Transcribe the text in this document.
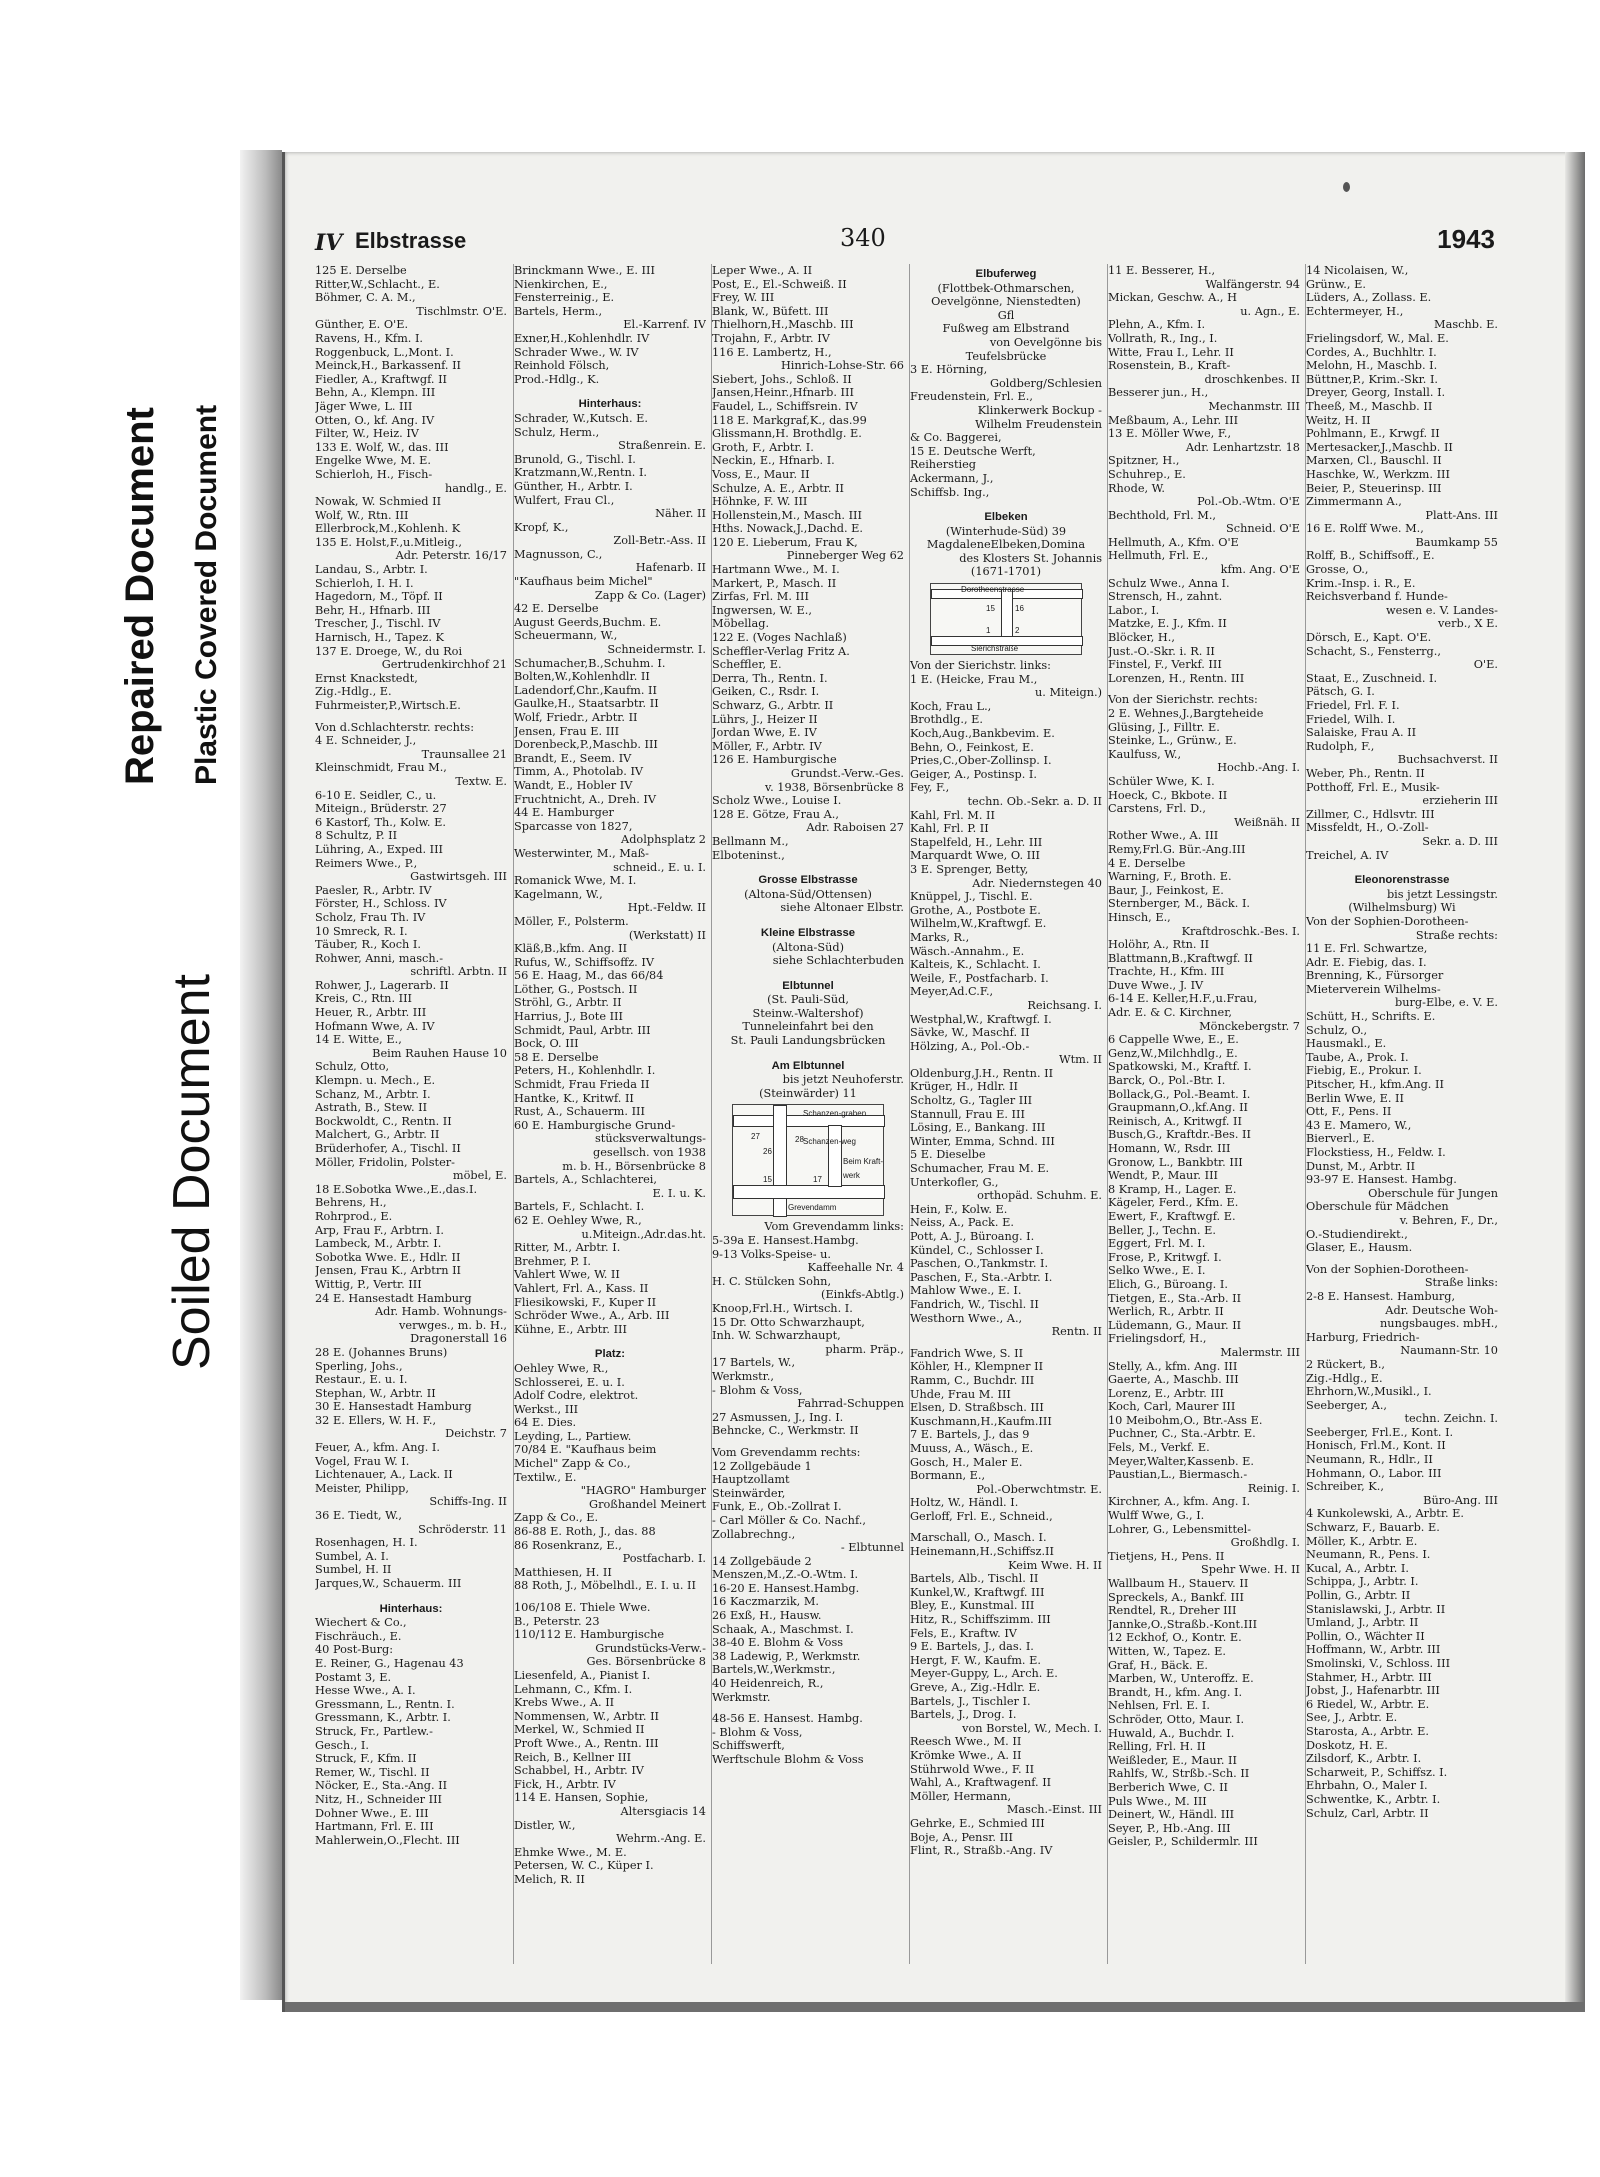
Repaired Document Plastic Covered Document
Soiled Document
IV Elbstrasse	340	1943
125 E. Derselbe
Ritter,W.,Schlacht., E.
Böhmer, C. A. M.,
Tischlmstr. O'E.
Günther, E. O'E.
Ravens, H., Kfm. I.
Roggenbuck, L.,Mont. I.
Meinck,H., Barkassenf. II
Fiedler, A., Kraftwgf. II
Behn, A., Klempn. III
Jäger Wwe, L. III
Otten, O., kf. Ang. IV
Filter, W., Heiz. IV
133 E. Wolf, W., das. III
Engelke Wwe, M. E.
Schierloh, H., Fisch-
handlg., E.
Nowak, W. Schmied II
Wolf, W., Rtn. III
Ellerbrock,M.,Kohlenh. K
135 E. Holst,F.,u.Mitleig.,
Adr. Peterstr. 16/17
Landau, S., Arbtr. I.
Schierloh, I. H. I.
Hagedorn, M., Töpf. II
Behr, H., Hfnarb. III
Trescher, J., Tischl. IV
Harnisch, H., Tapez. K
137 E. Droege, W., du Roi
Gertrudenkirchhof 21
Ernst Knackstedt,
Zig.-Hdlg., E.
Fuhrmeister,P.,Wirtsch.E.
Von d.Schlachterstr. rechts:
4 E. Schneider, J.,
Traunsallee 21
Kleinschmidt, Frau M.,
Textw. E.
6-10 E. Seidler, C., u.
Miteign., Brüderstr. 27
6 Kastorf, Th., Kolw. E.
8 Schultz, P. II
Lühring, A., Exped. III
Reimers Wwe., P.,
Gastwirtsgeh. III
Paesler, R., Arbtr. IV
Förster, H., Schloss. IV
Scholz, Frau Th. IV
10 Smreck, R. I.
Täuber, R., Koch I.
Rohwer, Anni, masch.-
schriftl. Arbtn. II
Rohwer, J., Lagerarb. II
Kreis, C., Rtn. III
Heuer, R., Arbtr. III
Hofmann Wwe, A. IV
14 E. Witte, E.,
Beim Rauhen Hause 10
Schulz, Otto,
Klempn. u. Mech., E.
Schanz, M., Arbtr. I.
Astrath, B., Stew. II
Bockwoldt, C., Rentn. II
Malchert, G., Arbtr. II
Brüderhofer, A., Tischl. II
Möller, Fridolin, Polster-
möbel, E.
18 E.Sobotka Wwe.,E.,das.I.
Behrens, H.,
Rohrprod., E.
Arp, Frau F., Arbtrn. I.
Lambeck, M., Arbtr. I.
Sobotka Wwe. E., Hdlr. II
Jensen, Frau K., Arbtrn II
Wittig, P., Vertr. III
24 E. Hansestadt Hamburg
Adr. Hamb. Wohnungs-
verwges., m. b. H.,
Dragonerstall 16
28 E. (Johannes Bruns)
Sperling, Johs.,
Restaur., E. u. I.
Stephan, W., Arbtr. II
30 E. Hansestadt Hamburg
32 E. Ellers, W. H. F.,
Deichstr. 7
Feuer, A., kfm. Ang. I.
Vogel, Frau W. I.
Lichtenauer, A., Lack. II
Meister, Philipp,
Schiffs-Ing. II
36 E. Tiedt, W.,
Schröderstr. 11
Rosenhagen, H. I.
Sumbel, A. I.
Sumbel, H. II
Jarques,W., Schauerm. III
Hinterhaus:
Wiechert & Co.,
Fischräuch., E.
40 Post-Burg:
E. Reiner, G., Hagenau 43
Postamt 3, E.
Hesse Wwe., A. I.
Gressmann, L., Rentn. I.
Gressmann, K., Arbtr. I.
Struck, Fr., Partlew.-
Gesch., I.
Struck, F., Kfm. II
Remer, W., Tischl. II
Nöcker, E., Sta.-Ang. II
Nitz, H., Schneider III
Dohner Wwe., E. III
Hartmann, Frl. E. III
Mahlerwein,O.,Flecht. III
Brinckmann Wwe., E. III
Nienkirchen, E.,
Fensterreinig., E.
Bartels, Herm.,
El.-Karrenf. IV
Exner,H.,Kohlenhdlr. IV
Schrader Wwe., W. IV
Reinhold Fölsch,
Prod.-Hdlg., K.
Hinterhaus:
Schrader, W.,Kutsch. E.
Schulz, Herm.,
Straßenrein. E.
Brunold, G., Tischl. I.
Kratzmann,W.,Rentn. I.
Günther, H., Arbtr. I.
Wulfert, Frau Cl.,
Näher. II
Kropf, K.,
Zoll-Betr.-Ass. II
Magnusson, C.,
Hafenarb. II
"Kaufhaus beim Michel"
Zapp & Co. (Lager)
42 E. Derselbe
August Geerds,Buchm. E.
Scheuermann, W.,
Schneidermstr. I.
Schumacher,B.,Schuhm. I.
Bolten,W.,Kohlenhdlr. II
Ladendorf,Chr.,Kaufm. II
Gaulke,H., Staatsarbtr. II
Wolf, Friedr., Arbtr. II
Jensen, Frau E. III
Dorenbeck,P.,Maschb. III
Brandt, E., Seem. IV
Timm, A., Photolab. IV
Wandt, E., Hobler IV
Fruchtnicht, A., Dreh. IV
44 E. Hamburger
Sparcasse von 1827,
Adolphsplatz 2
Westerwinter, M., Maß-
schneid., E. u. I.
Romanick Wwe, M. I.
Kagelmann, W.,
Hpt.-Feldw. II
Möller, F., Polsterm.
(Werkstatt) II
Kläß,B.,kfm. Ang. II
Rufus, W., Schiffsoffz. IV
56 E. Haag, M., das 66/84
Löther, G., Postsch. II
Ströhl, G., Arbtr. II
Harrius, J., Bote III
Schmidt, Paul, Arbtr. III
Bock, O. III
58 E. Derselbe
Peters, H., Kohlenhdlr. I.
Schmidt, Frau Frieda II
Hantke, K., Kritwf. II
Rust, A., Schauerm. III
60 E. Hamburgische Grund-
stücksverwaltungs-
gesellsch. von 1938
m. b. H., Börsenbrücke 8
Bartels, A., Schlachterei,
E. I. u. K.
Bartels, F., Schlacht. I.
62 E. Oehley Wwe, R.,
u.Miteign.,Adr.das.ht.
Ritter, M., Arbtr. I.
Brehmer, P. I.
Vahlert Wwe, W. II
Vahlert, Frl. A., Kass. II
Fliesikowski, F., Kuper II
Schröder Wwe., A., Arb. III
Kühne, E., Arbtr. III
Platz:
Oehley Wwe, R.,
Schlosserei, E. u. I.
Adolf Codre, elektrot.
Werkst., III
64 E. Dies.
Leyding, L., Partiew.
70/84 E. "Kaufhaus beim
Michel" Zapp & Co.,
Textilw., E.
"HAGRO" Hamburger
Großhandel Meinert
Zapp & Co., E.
86-88 E. Roth, J., das. 88
86 Rosenkranz, E.,
Postfacharb. I.
Matthiesen, H. II
88 Roth, J., Möbelhdl., E. I. u. II
106/108 E. Thiele Wwe.
B., Peterstr. 23
110/112 E. Hamburgische
Grundstücks-Verw.-
Ges. Börsenbrücke 8
Liesenfeld, A., Pianist I.
Lehmann, C., Kfm. I.
Krebs Wwe., A. II
Nommensen, W., Arbtr. II
Merkel, W., Schmied II
Proft Wwe., A., Rentn. III
Reich, B., Kellner III
Schabbel, H., Arbtr. IV
Fick, H., Arbtr. IV
114 E. Hansen, Sophie,
Altersgiacis 14
Distler, W.,
Wehrm.-Ang. E.
Ehmke Wwe., M. E.
Petersen, W. C., Küper I.
Melich, R. II
Leper Wwe., A. II
Post, E., El.-Schweiß. II
Frey, W. III
Blank, W., Büfett. III
Thielhorn,H.,Maschb. III
Trojahn, F., Arbtr. IV
116 E. Lambertz, H.,
Hinrich-Lohse-Str. 66
Siebert, Johs., Schloß. II
Jansen,Heinr.,Hfnarb. III
Faudel, L., Schiffsrein. IV
118 E. Markgraf,K., das.99
Glissmann,H. Brothdlg. E.
Groth, F., Arbtr. I.
Neckin, E., Hfnarb. I.
Voss, E., Maur. II
Schulze, A. E., Arbtr. II
Höhnke, F. W. III
Hollenstein,M., Masch. III
Hths. Nowack,J.,Dachd. E.
120 E. Lieberum, Frau K,
Pinneberger Weg 62
Hartmann Wwe., M. I.
Markert, P., Masch. II
Zirfas, Frl. M. III
Ingwersen, W. E.,
Möbellag.
122 E. (Voges Nachlaß)
Scheffler-Verlag Fritz A.
Scheffler, E.
Derra, Th., Rentn. I.
Geiken, C., Rsdr. I.
Schwarz, G., Arbtr. II
Lührs, J., Heizer II
Jordan Wwe, E. IV
Möller, F., Arbtr. IV
126 E. Hamburgische
Grundst.-Verw.-Ges.
v. 1938, Börsenbrücke 8
Scholz Wwe., Louise I.
128 E. Götze, Frau A.,
Adr. Raboisen 27
Bellmann M.,
Elboteninst.,
Grosse Elbstrasse
(Altona-Süd/Ottensen)
siehe Altonaer Elbstr.
Kleine Elbstrasse
(Altona-Süd)
siehe Schlachterbuden
Elbtunnel
(St. Pauli-Süd,
Steinw.-Waltershof)
Tunneleinfahrt bei den
St. Pauli Landungsbrücken
Am Elbtunnel
bis jetzt Neuhoferstr.
(Steinwärder) 11
Schanzen-graben
Schanzen-weg
Beim Kraft-werk
Grevendamm
27
26
28
17
15
Vom Grevendamm links:
5-39a E. Hansest.Hambg.
9-13 Volks-Speise- u.
Kaffeehalle Nr. 4
H. C. Stülcken Sohn,
(Einkfs-Abtlg.)
Knoop,Frl.H., Wirtsch. I.
15 Dr. Otto Schwarzhaupt,
Inh. W. Schwarzhaupt,
pharm. Präp.,
17 Bartels, W.,
Werkmstr.,
- Blohm & Voss,
Fahrrad-Schuppen
27 Asmussen, J., Ing. I.
Behncke, C., Werkmstr. II
Vom Grevendamm rechts:
12 Zollgebäude 1
Hauptzollamt
Steinwärder,
Funk, E., Ob.-Zollrat I.
- Carl Möller & Co. Nachf.,
Zollabrechng.,
- Elbtunnel
14 Zollgebäude 2
Menszen,M.,Z.-O.-Wtm. I.
16-20 E. Hansest.Hambg.
16 Kaczmarzik, M.
26 Exß, H., Hausw.
Schaak, A., Maschmst. I.
38-40 E. Blohm & Voss
38 Ladewig, P., Werkmstr.
Bartels,W.,Werkmstr.,
40 Heidenreich, R.,
Werkmstr.
48-56 E. Hansest. Hambg.
- Blohm & Voss,
Schiffswerft,
Werftschule Blohm & Voss
Elbuferweg
(Flottbek-Othmarschen,
Oevelgönne, Nienstedten)
Gfl
Fußweg am Elbstrand
von Oevelgönne bis
Teufelsbrücke
3 E. Hörning,
Goldberg/Schlesien
Freudenstein, Frl. E.,
Klinkerwerk Bockup -
Wilhelm Freudenstein
& Co. Baggerei,
15 E. Deutsche Werft,
Reiherstieg
Ackermann, J.,
Schiffsb. Ing.,
Elbeken
(Winterhude-Süd) 39
MagdaleneElbeken,Domina
des Klosters St. Johannis
(1671-1701)
Dorotheenstrasse
Sierichstraße
15	16
1	2
Von der Sierichstr. links:
1 E. (Heicke, Frau M.,
u. Miteign.)
Koch, Frau L.,
Brothdlg., E.
Koch,Aug.,Bankbevim. E.
Behn, O., Feinkost, E.
Pries,C.,Ober-Zollinsp. I.
Geiger, A., Postinsp. I.
Fey, F.,
techn. Ob.-Sekr. a. D. II
Kahl, Frl. M. II
Kahl, Frl. P. II
Stapelfeld, H., Lehr. III
Marquardt Wwe, O. III
3 E. Sprenger, Betty,
Adr. Niedernstegen 40
Knüppel, J., Tischl. E.
Grothe, A., Postbote E.
Wilhelm,W.,Kraftwgf. E.
Marks, R.,
Wäsch.-Annahm., E.
Kalteis, K., Schlacht. I.
Weile, F., Postfacharb. I.
Meyer,Ad.C.F.,
Reichsang. I.
Westphal,W., Kraftwgf. I.
Sävke, W., Maschf. II
Hölzing, A., Pol.-Ob.-
Wtm. II
Oldenburg,J.H., Rentn. II
Krüger, H., Hdlr. II
Scholtz, G., Tagler III
Stannull, Frau E. III
Lösing, E., Bankang. III
Winter, Emma, Schnd. III
5 E. Dieselbe
Schumacher, Frau M. E.
Unterkofler, G.,
orthopäd. Schuhm. E.
Hein, F., Kolw. E.
Neiss, A., Pack. E.
Pott, A. J., Büroang. I.
Kündel, C., Schlosser I.
Paschen, O.,Tankmstr. I.
Paschen, F., Sta.-Arbtr. I.
Mahlow Wwe., E. I.
Fandrich, W., Tischl. II
Westhorn Wwe., A.,
Rentn. II
Fandrich Wwe, S. II
Köhler, H., Klempner II
Ramm, C., Buchdr. III
Uhde, Frau M. III
Elsen, D. Straßbsch. III
Kuschmann,H.,Kaufm.III
7 E. Bartels, J., das 9
Muuss, A., Wäsch., E.
Gosch, H., Maler E.
Bormann, E.,
Pol.-Oberwchtmstr. E.
Holtz, W., Händl. I.
Gerloff, Frl. E., Schneid.,
Marschall, O., Masch. I.
Heinemann,H.,Schiffsz.II
Keim Wwe. H. II
Bartels, Alb., Tischl. II
Kunkel,W., Kraftwgf. III
Bley, E., Kunstmal. III
Hitz, R., Schiffszimm. III
Fels, E., Kraftw. IV
9 E. Bartels, J., das. I.
Hergt, F. W., Kaufm. E.
Meyer-Guppy, L., Arch. E.
Greve, A., Zig.-Hdlr. E.
Bartels, J., Tischler I.
Bartels, J., Drog. I.
von Borstel, W., Mech. I.
Reesch Wwe., M. II
Krömke Wwe., A. II
Stührwold Wwe., F. II
Wahl, A., Kraftwagenf. II
Möller, Hermann,
Masch.-Einst. III
Gehrke, E., Schmied III
Boje, A., Pensr. III
Flint, R., Straßb.-Ang. IV
11 E. Besserer, H.,
Walfängerstr. 94
Mickan, Geschw. A., H
u. Agn., E.
Plehn, A., Kfm. I.
Vollrath, R., Ing., I.
Witte, Frau I., Lehr. II
Rosenstein, B., Kraft-
droschkenbes. II
Besserer jun., H.,
Mechanmstr. III
Meßbaum, A., Lehr. III
13 E. Möller Wwe, F.,
Adr. Lenhartzstr. 18
Spitzner, H.,
Schuhrep., E.
Rhode, W.
Pol.-Ob.-Wtm. O'E
Bechthold, Frl. M.,
Schneid. O'E
Hellmuth, A., Kfm. O'E
Hellmuth, Frl. E.,
kfm. Ang. O'E
Schulz Wwe., Anna I.
Strensch, H., zahnt.
Labor., I.
Matzke, E. J., Kfm. II
Blöcker, H.,
Just.-O.-Skr. i. R. II
Finstel, F., Verkf. III
Lorenzen, H., Rentn. III
Von der Sierichstr. rechts:
2 E. Wehnes,J.,Bargteheide
Glüsing, J., Filltr. E.
Steinke, L., Grünw., E.
Kaulfuss, W.,
Hochb.-Ang. I.
Schüler Wwe, K. I.
Hoeck, C., Bkbote. II
Carstens, Frl. D.,
Weißnäh. II
Rother Wwe., A. III
Remy,Frl.G. Bür.-Ang.III
4 E. Derselbe
Warning, F., Broth. E.
Baur, J., Feinkost, E.
Sternberger, M., Bäck. I.
Hinsch, E.,
Kraftdroschk.-Bes. I.
Holöhr, A., Rtn. II
Blattmann,B.,Kraftwgf. II
Trachte, H., Kfm. III
Duve Wwe., J. IV
6-14 E. Keller,H.F.,u.Frau,
Adr. E. & C. Kirchner,
Mönckebergstr. 7
6 Cappelle Wwe, E., E.
Genz,W.,Milchhdlg., E.
Spatkowski, M., Kraftf. I.
Barck, O., Pol.-Btr. I.
Bollack,G., Pol.-Beamt. I.
Graupmann,O.,kf.Ang. II
Reinisch, A., Kritwgf. II
Busch,G., Kraftdr.-Bes. II
Homann, W., Rsdr. III
Gronow, L., Bankbtr. III
Wendt, P., Maur. III
8 Kramp, H., Lager. E.
Kägeler, Ferd., Kfm. E.
Ewert, F., Kraftwgf. E.
Beller, J., Techn. E.
Eggert, Frl. M. I.
Frose, P., Kritwgf. I.
Selko Wwe., E. I.
Elich, G., Büroang. I.
Tietgen, E., Sta.-Arb. II
Werlich, R., Arbtr. II
Lüdemann, G., Maur. II
Frielingsdorf, H.,
Malermstr. III
Stelly, A., kfm. Ang. III
Gaerte, A., Maschb. III
Lorenz, E., Arbtr. III
Koch, Carl, Maurer III
10 Meibohm,O., Btr.-Ass E.
Puchner, C., Sta.-Arbtr. E.
Fels, M., Verkf. E.
Meyer,Walter,Kassenb. E.
Paustian,L., Biermasch.-
Reinig. I.
Kirchner, A., kfm. Ang. I.
Wulff Wwe, G., I.
Lohrer, G., Lebensmittel-
Großhdlg. I.
Tietjens, H., Pens. II
Spehr Wwe. H. II
Wallbaum H., Stauerv. II
Spreckels, A., Bankf. III
Rendtel, R., Dreher III
Jannke,O.,Straßb.-Kont.III
12 Eckhof, O., Kontr. E.
Witten, W., Tapez. E.
Graf, H., Bäck. E.
Marben, W., Unteroffz. E.
Brandt, H., kfm. Ang. I.
Nehlsen, Frl. E. I.
Schröder, Otto, Maur. I.
Huwald, A., Buchdr. I.
Relling, Frl. H. II
Weißleder, E., Maur. II
Rahlfs, W., Strßb.-Sch. II
Berberich Wwe, C. II
Puls Wwe., M. III
Deinert, W., Händl. III
Seyer, P., Hb.-Ang. III
Geisler, P., Schildermlr. III
14 Nicolaisen, W.,
Grünw., E.
Lüders, A., Zollass. E.
Echtermeyer, H.,
Maschb. E.
Frielingsdorf, W., Mal. E.
Cordes, A., Buchhltr. I.
Melohn, H., Maschb. I.
Büttner,P., Krim.-Skr. I.
Dreyer, Georg, Install. I.
Theeß, M., Maschb. II
Weitz, H. II
Pohlmann, E., Krwgf. II
Mertesacker,J.,Maschb. II
Marxen, Cl., Bauschl. II
Haschke, W., Werkzm. III
Beier, P., Steuerinsp. III
Zimmermann A.,
Platt-Ans. III
16 E. Rolff Wwe. M.,
Baumkamp 55
Rolff, B., Schiffsoff., E.
Grosse, O.,
Krim.-Insp. i. R., E.
Reichsverband f. Hunde-
wesen e. V. Landes-
verb., X E.
Dörsch, E., Kapt. O'E.
Schacht, S., Fensterrg.,
O'E.
Staat, E., Zuschneid. I.
Pätsch, G. I.
Friedel, Frl. F. I.
Friedel, Wilh. I.
Salaiske, Frau A. II
Rudolph, F.,
Buchsachverst. II
Weber, Ph., Rentn. II
Potthoff, Frl. E., Musik-
erzieherin III
Zillmer, C., Hdlsvtr. III
Missfeldt, H., O.-Zoll-
Sekr. a. D. III
Treichel, A. IV
Eleonorenstrasse
bis jetzt Lessingstr.
(Wilhelmsburg) Wi
Von der Sophien-Dorotheen-
Straße rechts:
11 E. Frl. Schwartze,
Adr. E. Fiebig, das. I.
Brenning, K., Fürsorger
Mieterverein Wilhelms-
burg-Elbe, e. V. E.
Schütt, H., Schrifts. E.
Schulz, O.,
Hausmakl., E.
Taube, A., Prok. I.
Fiebig, E., Prokur. I.
Pitscher, H., kfm.Ang. II
Berlin Wwe, E. II
Ott, F., Pens. II
43 E. Mamero, W.,
Bierverl., E.
Flockstiess, H., Feldw. I.
Dunst, M., Arbtr. II
93-97 E. Hansest. Hambg.
Oberschule für Jungen
Oberschule für Mädchen
v. Behren, F., Dr.,
O.-Studiendirekt.,
Glaser, E., Hausm.
Von der Sophien-Dorotheen-
Straße links:
2-8 E. Hansest. Hamburg,
Adr. Deutsche Woh-
nungsbauges. mbH.,
Harburg, Friedrich-
Naumann-Str. 10
2 Rückert, B.,
Zig.-Hdlg., E.
Ehrhorn,W.,Musikl., I.
Seeberger, A.,
techn. Zeichn. I.
Seeberger, Frl.E., Kont. I.
Honisch, Frl.M., Kont. II
Neumann, R., Hdlr., II
Hohmann, O., Labor. III
Schreiber, K.,
Büro-Ang. III
4 Kunkolewski, A., Arbtr. E.
Schwarz, F., Bauarb. E.
Möller, K., Arbtr. E.
Neumann, R., Pens. I.
Kucal, A., Arbtr. I.
Schippa, J., Arbtr. I.
Pollin, G., Arbtr. II
Stanislawski, J., Arbtr. II
Umland, J., Arbtr. II
Pollin, O., Wächter II
Hoffmann, W., Arbtr. III
Smolinski, V., Schloss. III
Stahmer, H., Arbtr. III
Jobst, J., Hafenarbtr. III
6 Riedel, W., Arbtr. E.
See, J., Arbtr. E.
Starosta, A., Arbtr. E.
Doskotz, H. E.
Zilsdorf, K., Arbtr. I.
Scharweit, P., Schiffsz. I.
Ehrbahn, O., Maler I.
Schwentke, K., Arbtr. I.
Schulz, Carl, Arbtr. II
